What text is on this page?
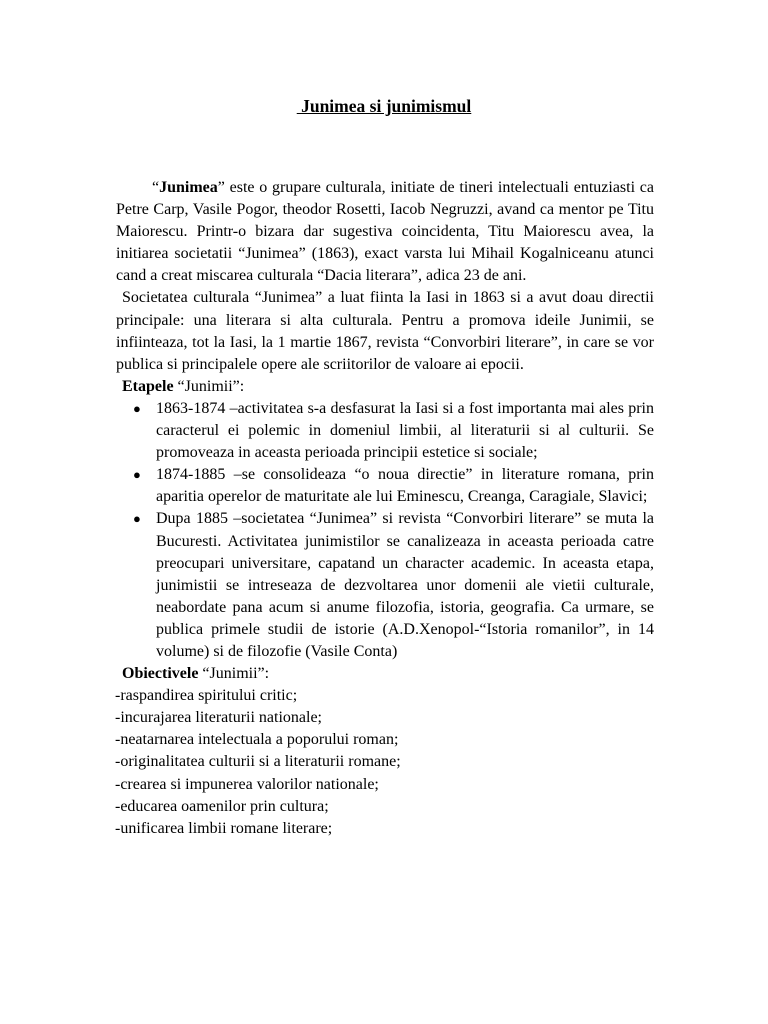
Junimea si junimismul

“Junimea” este o grupare culturala, initiate de tineri intelectuali entuziasti ca Petre Carp, Vasile Pogor, theodor Rosetti, Iacob Negruzzi, avand ca mentor pe Titu Maiorescu. Printr-o bizara dar sugestiva coincidenta, Titu Maiorescu avea, la initiarea societatii “Junimea” (1863), exact varsta lui Mihail Kogalniceanu atunci cand a creat miscarea culturala “Dacia literara”, adica 23 de ani.

Societatea culturala “Junimea” a luat fiinta la Iasi in 1863 si a avut doau directii principale: una literara si alta culturala. Pentru a promova ideile Junimii, se infiinteaza, tot la Iasi, la 1 martie 1867, revista “Convorbiri literare”, in care se vor publica si principalele opere ale scriitorilor de valoare ai epocii.

Etapele “Junimii”:

● 1863-1874 –activitatea s-a desfasurat la Iasi si a fost importanta mai ales prin caracterul ei polemic in domeniul limbii, al literaturii si al culturii. Se promoveaza in aceasta perioada principii estetice si sociale;
● 1874-1885 –se consolideaza “o noua directie” in literature romana, prin aparitia operelor de maturitate ale lui Eminescu, Creanga, Caragiale, Slavici;
● Dupa 1885 –societatea “Junimea” si revista “Convorbiri literare” se muta la Bucuresti. Activitatea junimistilor se canalizeaza in aceasta perioada catre preocupari universitare, capatand un character academic. In aceasta etapa, junimistii se intreseaza de dezvoltarea unor domenii ale vietii culturale, neabordate pana acum si anume filozofia, istoria, geografia. Ca urmare, se publica primele studii de istorie (A.D.Xenopol-“Istoria romanilor”, in 14 volume) si de filozofie (Vasile Conta)

Obiectivele “Junimii”:

-raspandirea spiritului critic;
-incurajarea literaturii nationale;
-neatarnarea intelectuala a poporului roman;
-originalitatea culturii si a literaturii romane;
-crearea si impunerea valorilor nationale;
-educarea oamenilor prin cultura;
-unificarea limbii romane literare;
